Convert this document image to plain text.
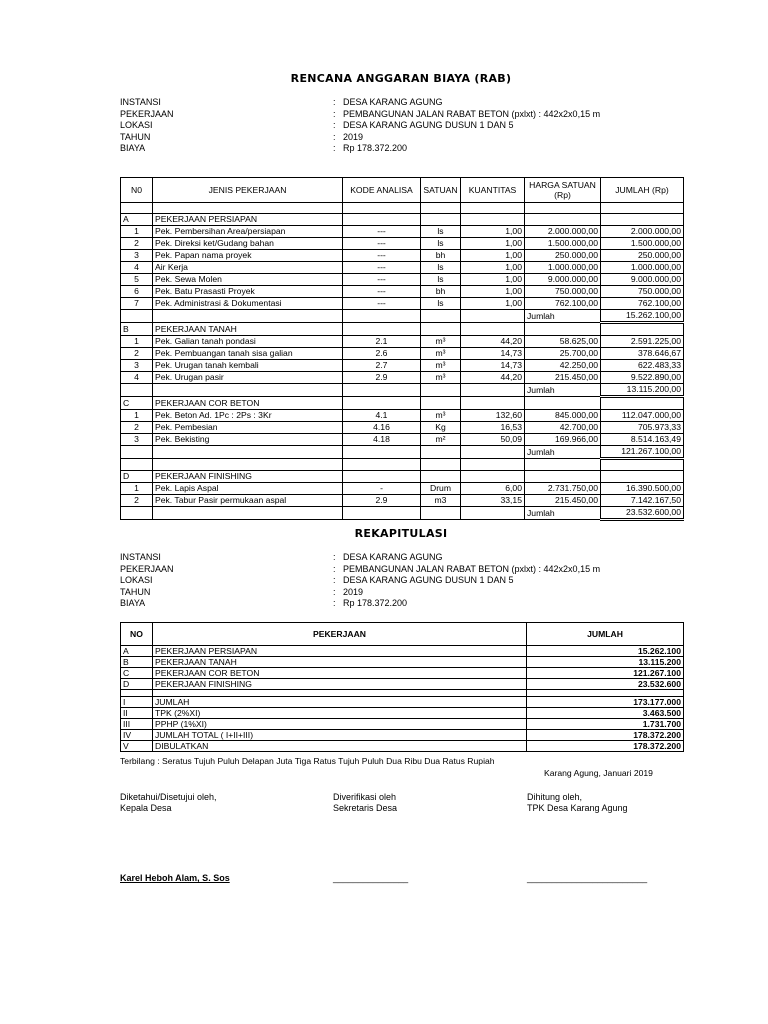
RENCANA ANGGARAN BIAYA (RAB)
INSTANSI	: DESA KARANG AGUNG
PEKERJAAN	: PEMBANGUNAN JALAN RABAT BETON (pxlxt) : 442x2x0,15 m
LOKASI	: DESA KARANG AGUNG DUSUN 1 DAN 5
TAHUN	: 2019
BIAYA	: Rp 178.372.200
N0	JENIS PEKERJAAN	KODE ANALISA	SATUAN	KUANTITAS	HARGA SATUAN (Rp)	JUMLAH (Rp)

A	PEKERJAAN PERSIAPAN					
1	Pek. Pembersihan Area/persiapan	---	ls	1,00	2.000.000,00	2.000.000,00
2	Pek. Direksi ket/Gudang bahan	---	ls	1,00	1.500.000,00	1.500.000,00
3	Pek. Papan nama proyek	---	bh	1,00	250.000,00	250.000,00
4	Air Kerja	---	ls	1,00	1.000.000,00	1.000.000,00
5	Pek. Sewa Molen	---	ls	1,00	9.000.000,00	9.000.000,00
6	Pek. Batu Prasasti Proyek	---	bh	1,00	750.000,00	750.000,00
7	Pek. Administrasi & Dokumentasi	---	ls	1,00	762.100,00	762.100,00
					Jumlah	15.262.100,00
B	PEKERJAAN TANAH					
1	Pek. Galian tanah pondasi	2.1	m³	44,20	58.625,00	2.591.225,00
2	Pek. Pembuangan tanah sisa galian	2.6	m³	14,73	25.700,00	378.646,67
3	Pek. Urugan tanah kembali	2.7	m³	14,73	42.250,00	622.483,33
4	Pek. Urugan pasir	2.9	m³	44,20	215.450,00	9.522.890,00
					Jumlah	13.115.200,00
C	PEKERJAAN COR BETON					
1	Pek. Beton Ad. 1Pc : 2Ps : 3Kr	4.1	m³	132,60	845.000,00	112.047.000,00
2	Pek. Pembesian	4.16	Kg	16,53	42.700,00	705.973,33
3	Pek. Bekisting	4.18	m²	50,09	169.966,00	8.514.163,49
					Jumlah	121.267.100,00

D	PEKERJAAN FINISHING					
1	Pek. Lapis Aspal	-	Drum	6,00	2.731.750,00	16.390.500,00
2	Pek. Tabur Pasir permukaan aspal	2.9	m3	33,15	215.450,00	7.142.167,50
					Jumlah	23.532.600,00
REKAPITULASI
INSTANSI	: DESA KARANG AGUNG
PEKERJAAN	: PEMBANGUNAN JALAN RABAT BETON (pxlxt) : 442x2x0,15 m
LOKASI	: DESA KARANG AGUNG DUSUN 1 DAN 5
TAHUN	: 2019
BIAYA	: Rp 178.372.200
NO	PEKERJAAN	JUMLAH
A	PEKERJAAN PERSIAPAN	15.262.100
B	PEKERJAAN TANAH	13.115.200
C	PEKERJAAN COR BETON	121.267.100
D	PEKERJAAN FINISHING	23.532.600

I	JUMLAH	173.177.000
II	TPK (2%XI)	3.463.500
III	PPHP (1%XI)	1.731.700
IV	JUMLAH TOTAL ( I+II+III)	178.372.200
V	DIBULATKAN	178.372.200
Terbilang : Seratus Tujuh Puluh Delapan Juta Tiga Ratus Tujuh Puluh Dua Ribu Dua Ratus Rupiah
Karang Agung, Januari 2019
Diketahui/Disetujui oleh,
Kepala Desa
Diverifikasi oleh
Sekretaris Desa
Dihitung oleh,
TPK Desa Karang Agung
Karel Heboh Alam, S. Sos	_______________	________________________
